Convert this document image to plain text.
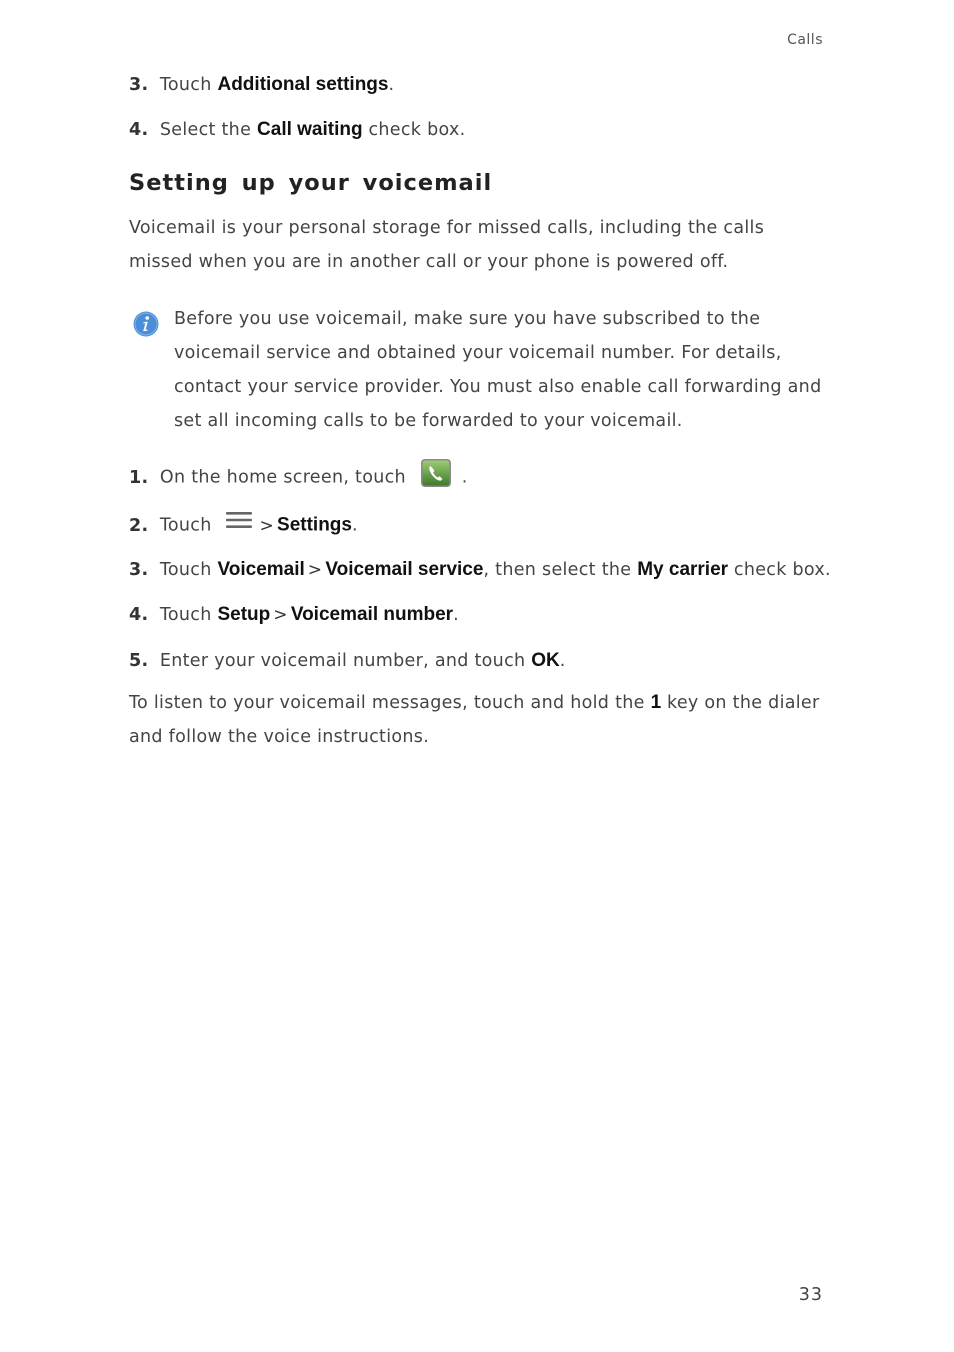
Calls
3. Touch Additional settings.
4. Select the Call waiting check box.
Setting up your voicemail
Voicemail is your personal storage for missed calls, including the calls missed when you are in another call or your phone is powered off.
Before you use voicemail, make sure you have subscribed to the voicemail service and obtained your voicemail number. For details, contact your service provider. You must also enable call forwarding and set all incoming calls to be forwarded to your voicemail.
1. On the home screen, touch	.
2. Touch	> Settings.
3. Touch Voicemail > Voicemail service, then select the My carrier check box.
4. Touch Setup > Voicemail number.
5. Enter your voicemail number, and touch OK.
To listen to your voicemail messages, touch and hold the 1 key on the dialer and follow the voice instructions.
33
